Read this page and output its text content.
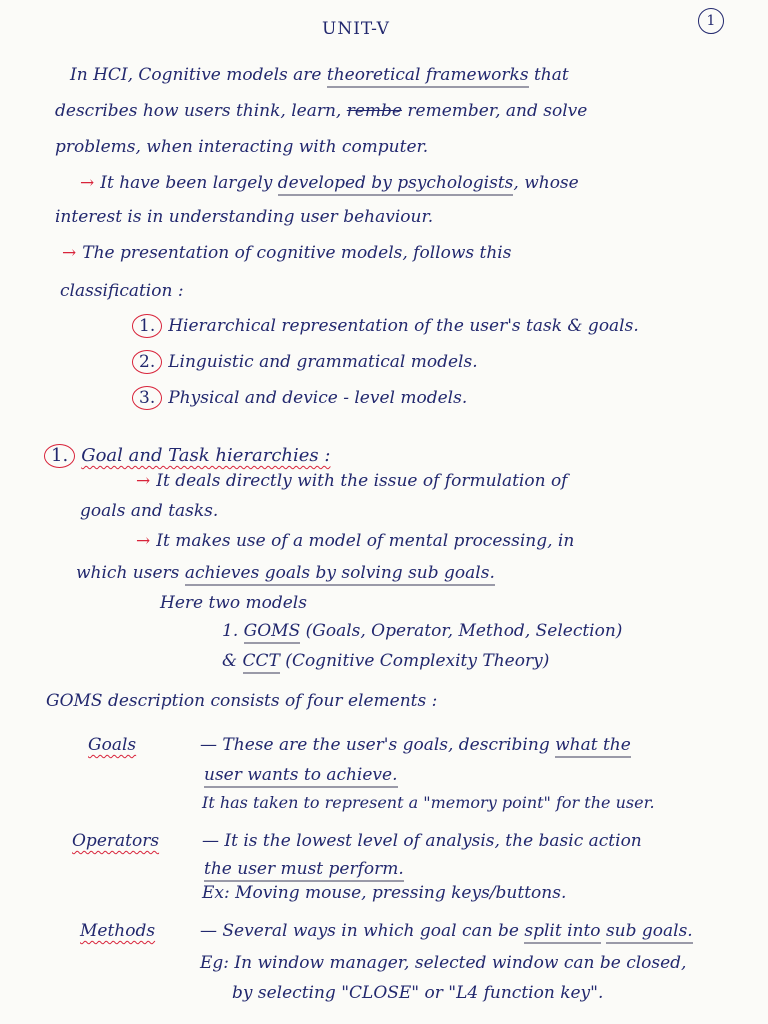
UNIT-V	1
In HCI, Cognitive models are theoretical frameworks that
describes how users think, learn, rembe remember, and solve
problems, when interacting with computer.
→ It have been largely developed by psychologists, whose
interest is in understanding user behaviour.
→ The presentation of cognitive models, follows this
classification :
1. Hierarchical representation of the user's task & goals.
2. Linguistic and grammatical models.
3. Physical and device - level models.
1. Goal and Task hierarchies :
→ It deals directly with the issue of formulation of
goals and tasks.
→ It makes use of a model of mental processing, in
which users achieves goals by solving sub goals.
Here two models
1. GOMS (Goals, Operator, Method, Selection)
& CCT (Cognitive Complexity Theory)
GOMS description consists of four elements :
Goals	— These are the user's goals, describing what the
user wants to achieve.
It has taken to represent a "memory point" for the user.
Operators	— It is the lowest level of analysis, the basic action
the user must perform.
Ex: Moving mouse, pressing keys/buttons.
Methods	— Several ways in which goal can be split into sub goals.
Eg: In window manager, selected window can be closed,
by selecting "CLOSE" or "L4 function key".
